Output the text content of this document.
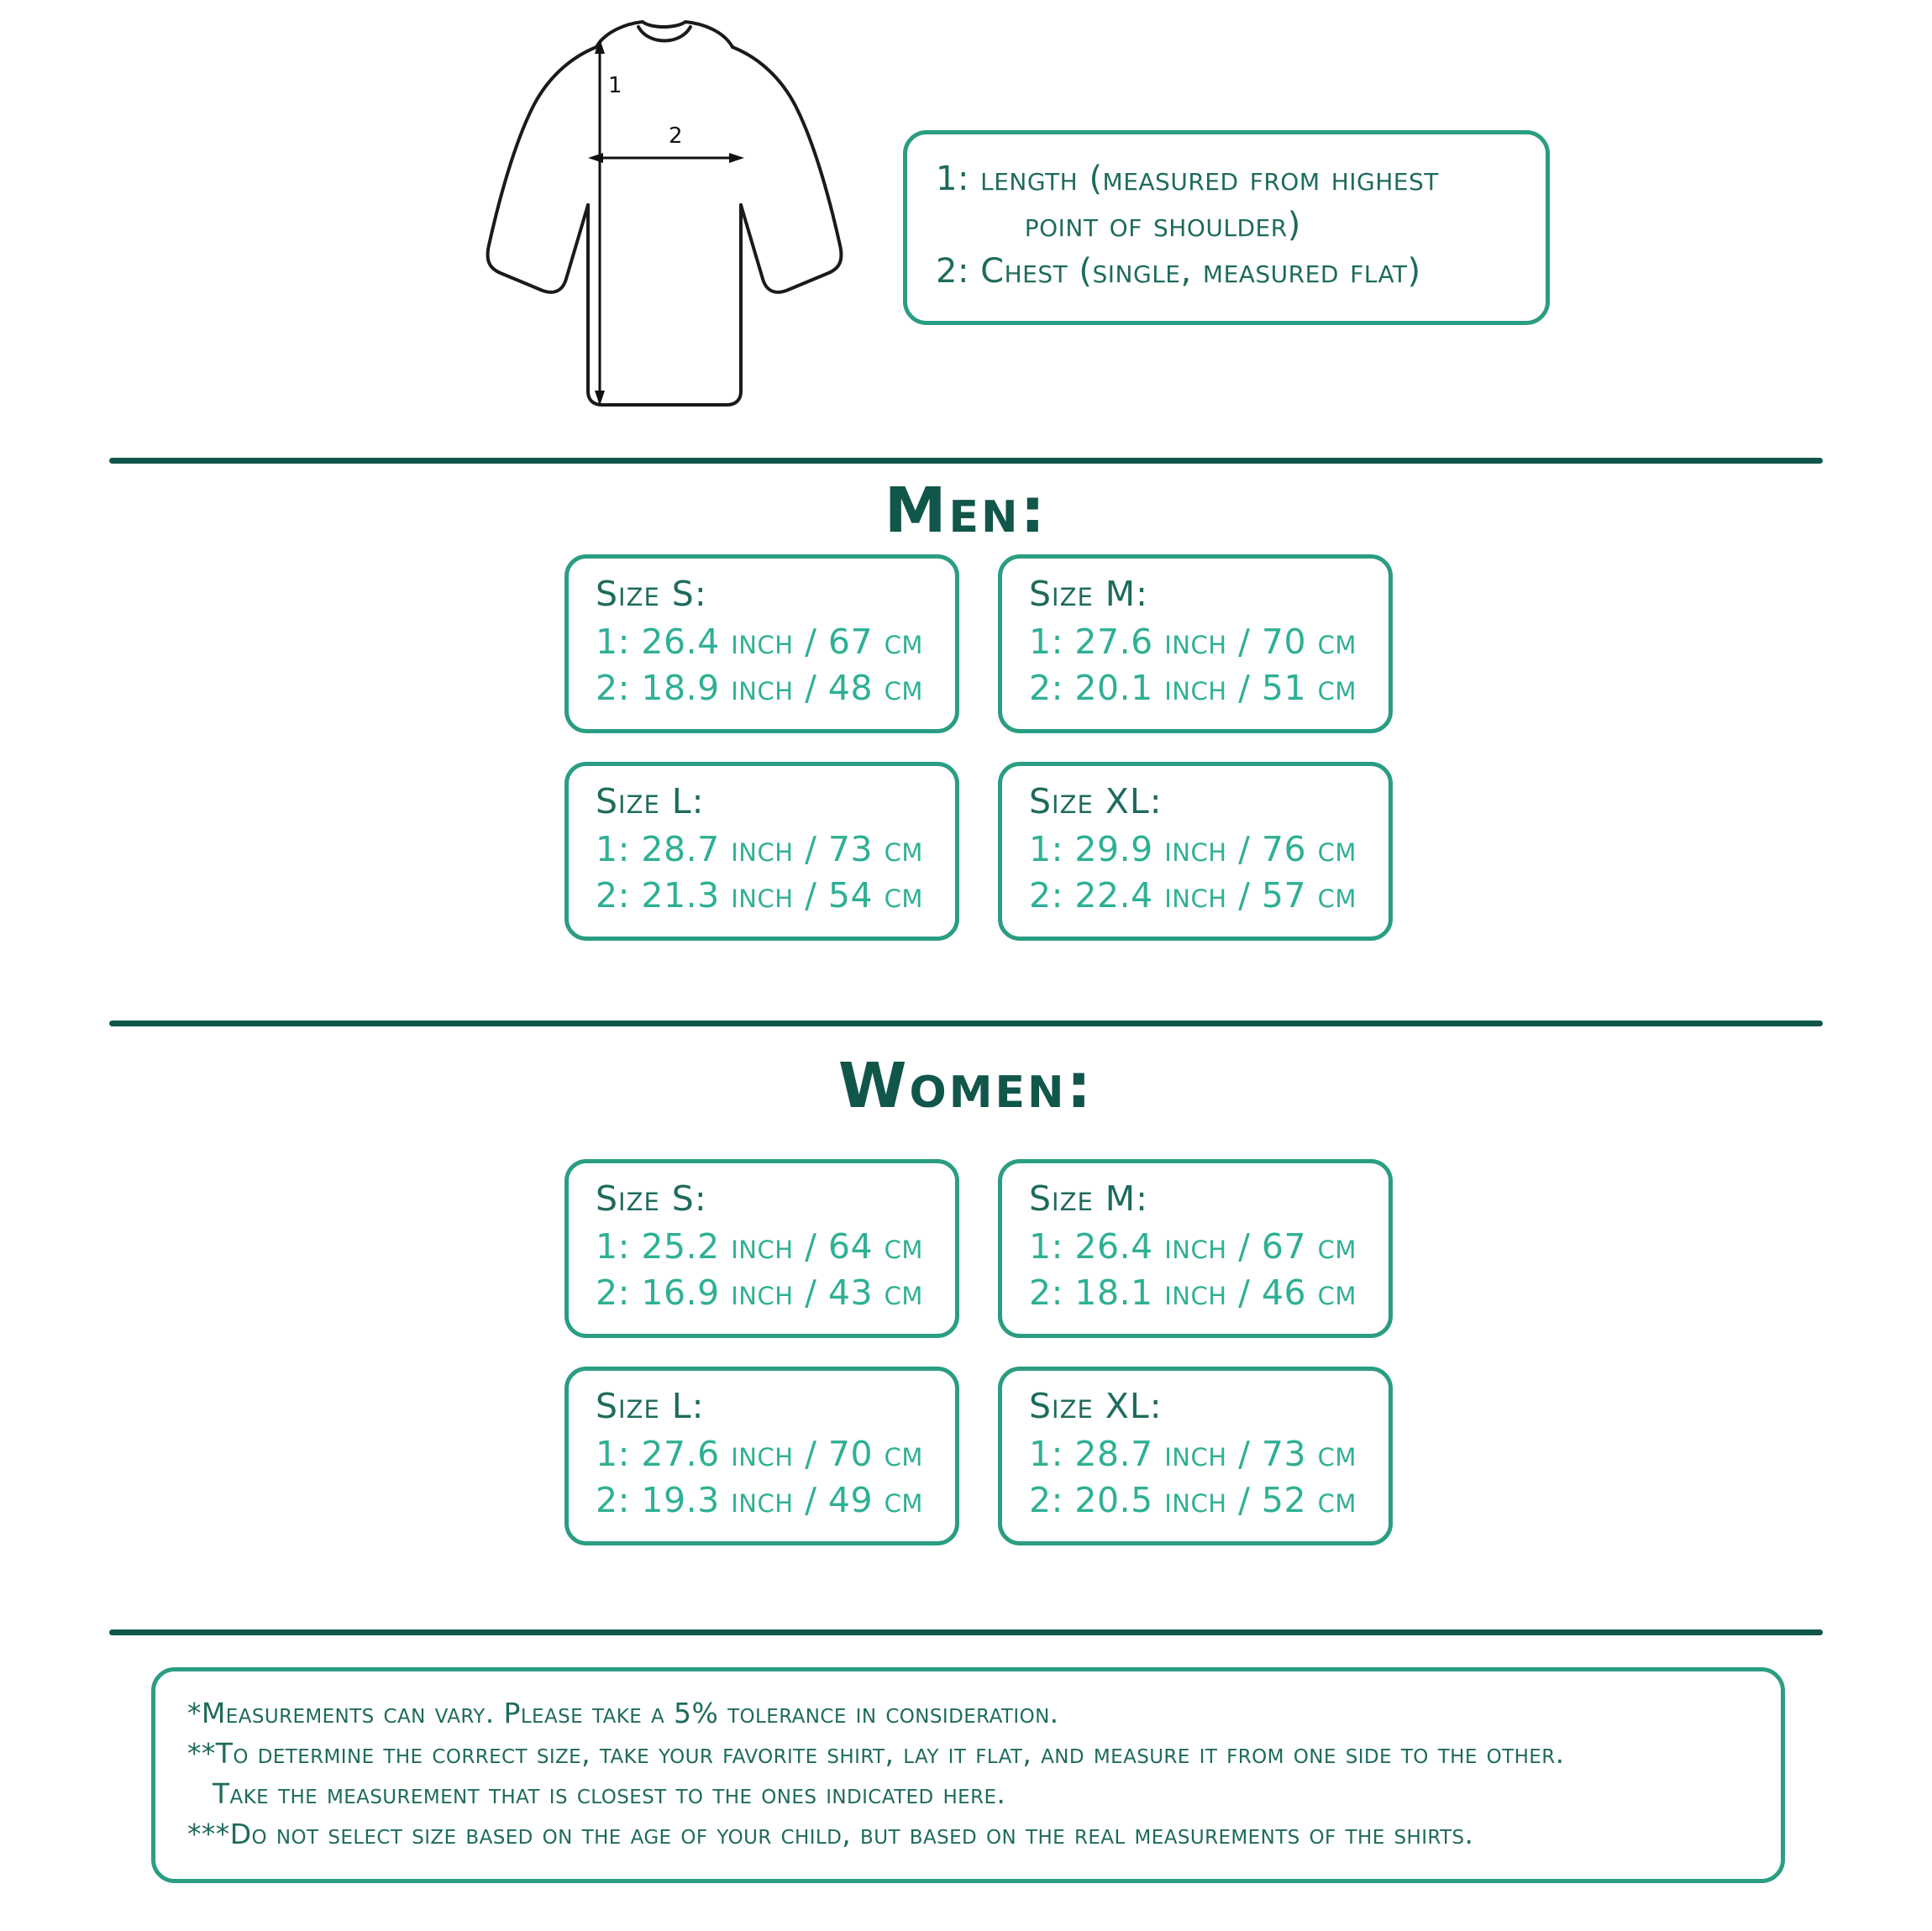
1
2
1: length (measured from highest
point of shoulder)
2: Chest (single, measured flat)
Men:
Size S:
1: 26.4 inch / 67 cm
2: 18.9 inch / 48 cm
Size M:
1: 27.6 inch / 70 cm
2: 20.1 inch / 51 cm
Size L:
1: 28.7 inch / 73 cm
2: 21.3 inch / 54 cm
Size XL:
1: 29.9 inch / 76 cm
2: 22.4 inch / 57 cm
Women:
Size S:
1: 25.2 inch / 64 cm
2: 16.9 inch / 43 cm
Size M:
1: 26.4 inch / 67 cm
2: 18.1 inch / 46 cm
Size L:
1: 27.6 inch / 70 cm
2: 19.3 inch / 49 cm
Size XL:
1: 28.7 inch / 73 cm
2: 20.5 inch / 52 cm
*Measurements can vary. Please take a 5% tolerance in consideration.
**To determine the correct size, take your favorite shirt, lay it flat, and measure it from one side to the other.
Take the measurement that is closest to the ones indicated here.
***Do not select size based on the age of your child, but based on the real measurements of the shirts.
